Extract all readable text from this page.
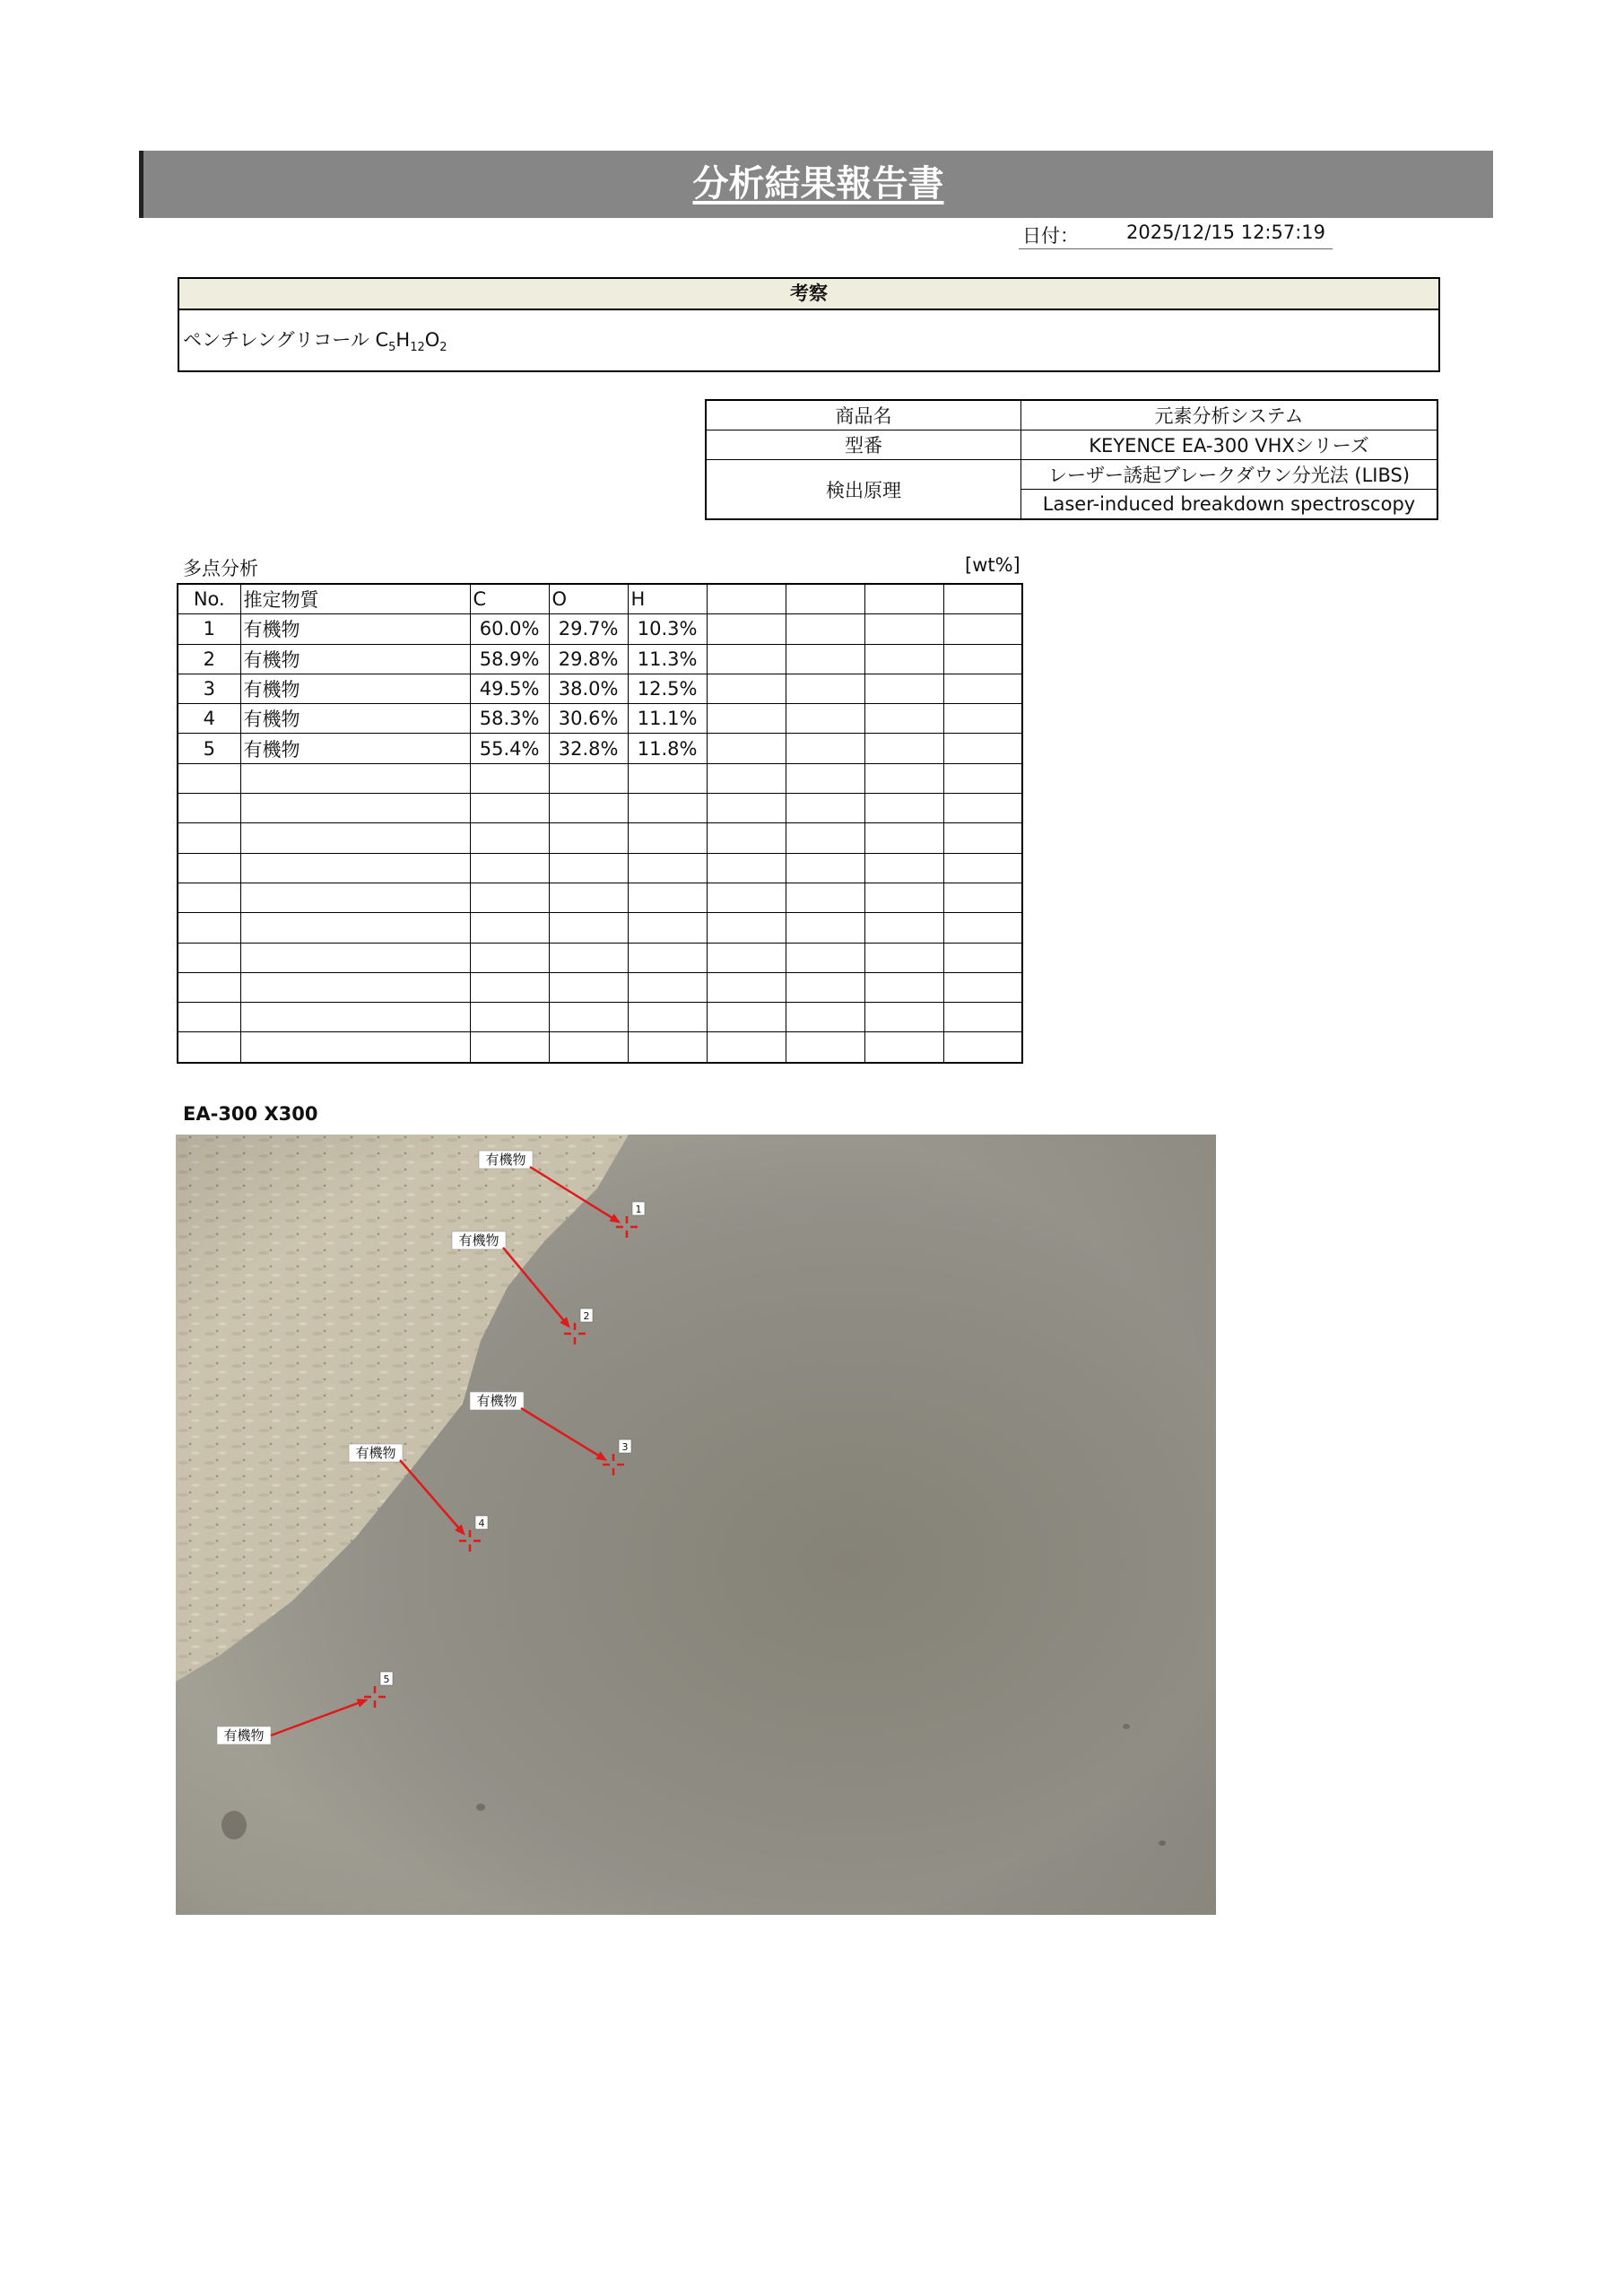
分析結果報告書
日付：	2025/12/15 12:57:19
考察
ペンチレングリコール $C_5H_{12}O_2$
商品名	元素分析システム
型番	KEYENCE EA-300 VHXシリーズ
検出原理	レーザー誘起ブレークダウン分光法 (LIBS)
	Laser-induced breakdown spectroscopy
多点分析	[wt%]
No.	推定物質	C	O	H				
1	有機物	60.0%	29.7%	10.3%				
2	有機物	58.9%	29.8%	11.3%				
3	有機物	49.5%	38.0%	12.5%				
4	有機物	58.3%	30.6%	11.1%				
5	有機物	55.4%	32.8%	11.8%				

EA-300 X300
有機物
1
有機物
2
有機物
3
有機物
4
有機物
5
